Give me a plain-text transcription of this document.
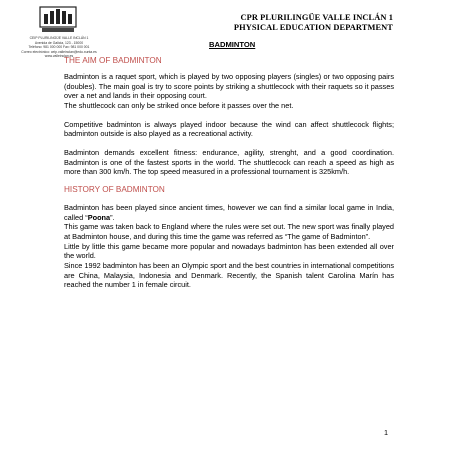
CEIP PLURILINGÜE VALLE INCLÁN 1
Avenida de Galicia, 123 - 15000
Teléfono: 981 000 000 Fax: 981 000 001
Correo electrónico: ceip.valleinclan@edu.xunta.es
www.valleinclan.es
CPR PLURILINGÜE VALLE INCLÁN 1
PHYSICAL EDUCATION DEPARTMENT
BADMINTON

THE AIM OF BADMINTON

Badminton is a raquet sport, which is played by two opposing players (singles) or two opposing pairs (doubles). The main goal is try to score points by striking a shuttlecock with their raquets so it passes over a net and lands in their opposing court.

The shuttlecock can only be striked once before it passes over the net.

Competitive badminton is always played indoor because the wind can affect shuttlecock flights; badminton outside is also played as a recreational activity.

Badminton demands excellent fitness: endurance, agility, strenght, and a good coordination. Badminton is one of the fastest sports in the world. The shuttlecock can reach a speed as high as more than 300 km/h. The top speed measured in a professional tournament is 325km/h.

HISTORY OF BADMINTON

Badminton has been played since ancient times, however we can find a similar local game in India, called “Poona”.

This game was taken back to England where the rules were set out. The new sport was finally played at Badminton house, and during this time the game was referred as “The game of Badminton”.

Little by little this game became more popular and nowadays badminton has been extended all over the world.

Since 1992 badminton has been an Olympic sport and the best countries in international competitions are China, Malaysia, Indonesia and Denmark. Recently, the Spanish talent Carolina Marín has reached the number 1 in female circuit.

1
